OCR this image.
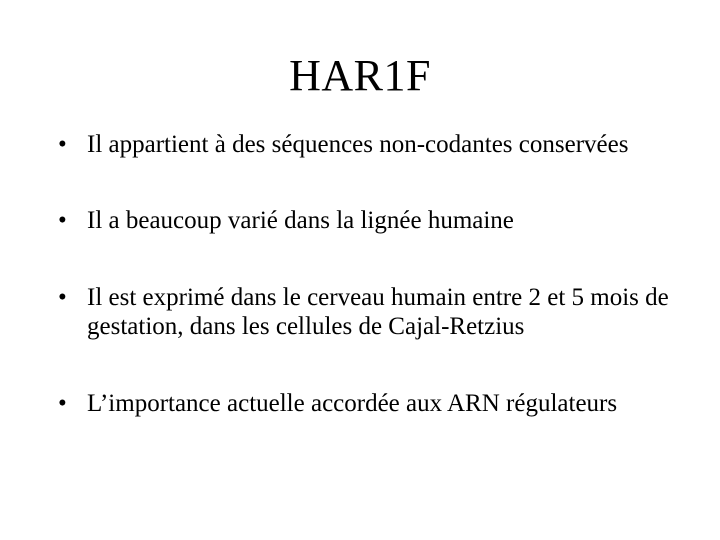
HAR1F
• Il appartient à des séquences non-codantes conservées
• Il a beaucoup varié dans la lignée humaine
• Il est exprimé dans le cerveau humain entre 2 et 5 mois de gestation, dans les cellules de Cajal-Retzius
• L’importance actuelle accordée aux ARN régulateurs
